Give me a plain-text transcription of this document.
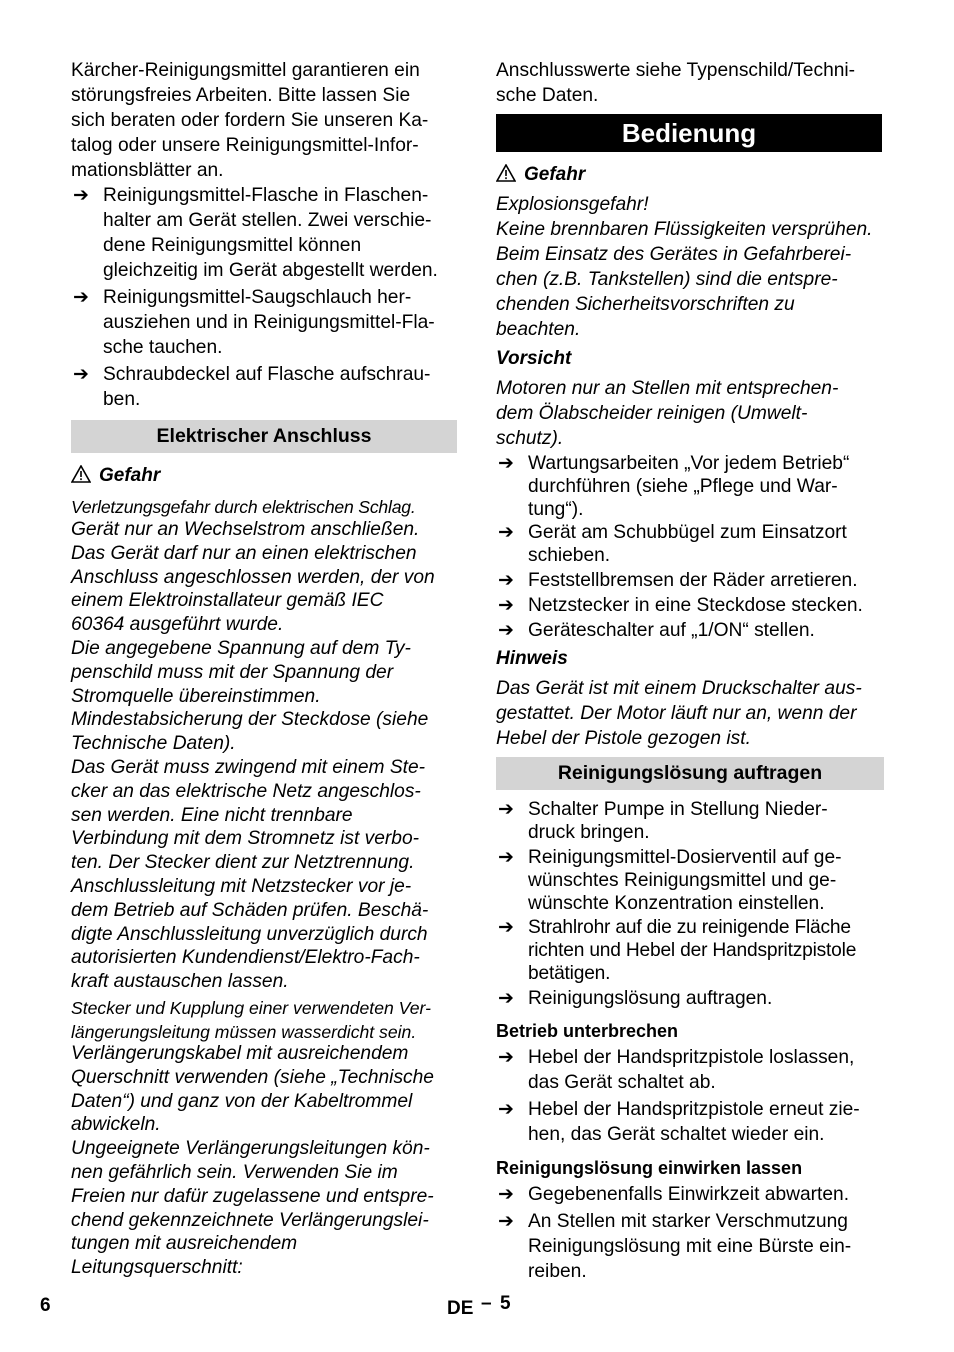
Kärcher-Reinigungsmittel garantieren ein
störungsfreies Arbeiten. Bitte lassen Sie
sich beraten oder fordern Sie unseren Ka-
talog oder unsere Reinigungsmittel-Infor-
mationsblätter an.

➔ Reinigungsmittel-Flasche in Flaschen-
halter am Gerät stellen. Zwei verschie-
dene Reinigungsmittel können
gleichzeitig im Gerät abgestellt werden.
➔ Reinigungsmittel-Saugschlauch her-
ausziehen und in Reinigungsmittel-Fla-
sche tauchen.
➔ Schraubdeckel auf Flasche aufschrau-
ben.
Elektrischer Anschluss
Gefahr

Verletzungsgefahr durch elektrischen Schlag.

Gerät nur an Wechselstrom anschließen.
Das Gerät darf nur an einen elektrischen
Anschluss angeschlossen werden, der von
einem Elektroinstallateur gemäß IEC
60364 ausgeführt wurde.
Die angegebene Spannung auf dem Ty-
penschild muss mit der Spannung der
Stromquelle übereinstimmen.
Mindestabsicherung der Steckdose (siehe
Technische Daten).
Das Gerät muss zwingend mit einem Ste-
cker an das elektrische Netz angeschlos-
sen werden. Eine nicht trennbare
Verbindung mit dem Stromnetz ist verbo-
ten. Der Stecker dient zur Netztrennung.
Anschlussleitung mit Netzstecker vor je-
dem Betrieb auf Schäden prüfen. Beschä-
digte Anschlussleitung unverzüglich durch
autorisierten Kundendienst/Elektro-Fach-
kraft austauschen lassen.

Stecker und Kupplung einer verwendeten Ver-
längerungsleitung müssen wasserdicht sein.

Verlängerungskabel mit ausreichendem
Querschnitt verwenden (siehe „Technische
Daten“) und ganz von der Kabeltrommel
abwickeln.
Ungeeignete Verlängerungsleitungen kön-
nen gefährlich sein. Verwenden Sie im
Freien nur dafür zugelassene und entspre-
chend gekennzeichnete Verlängerungslei-
tungen mit ausreichendem
Leitungsquerschnitt:

Anschlusswerte siehe Typenschild/Techni-
sche Daten.

Bedienung
Gefahr

Explosionsgefahr!
Keine brennbaren Flüssigkeiten versprühen.
Beim Einsatz des Gerätes in Gefahrberei-
chen (z.B. Tankstellen) sind die entspre-
chenden Sicherheitsvorschriften zu
beachten.

Vorsicht

Motoren nur an Stellen mit entsprechen-
dem Ölabscheider reinigen (Umwelt-
schutz).

➔ Wartungsarbeiten „Vor jedem Betrieb“
durchführen (siehe „Pflege und War-
tung“).
➔ Gerät am Schubbügel zum Einsatzort
schieben.
➔ Feststellbremsen der Räder arretieren.
➔ Netzstecker in eine Steckdose stecken.
➔ Geräteschalter auf „1/ON“ stellen.
Hinweis

Das Gerät ist mit einem Druckschalter aus-
gestattet. Der Motor läuft nur an, wenn der
Hebel der Pistole gezogen ist.

Reinigungslösung auftragen
➔ Schalter Pumpe in Stellung Nieder-
druck bringen.
➔ Reinigungsmittel-Dosierventil auf ge-
wünschtes Reinigungsmittel und ge-
wünschte Konzentration einstellen.
➔ Strahlrohr auf die zu reinigende Fläche
richten und Hebel der Handspritzpistole
betätigen.
➔ Reinigungslösung auftragen.
Betrieb unterbrechen
➔ Hebel der Handspritzpistole loslassen,
das Gerät schaltet ab.
➔ Hebel der Handspritzpistole erneut zie-
hen, das Gerät schaltet wieder ein.
Reinigungslösung einwirken lassen
➔ Gegebenenfalls Einwirkzeit abwarten.
➔ An Stellen mit starker Verschmutzung
Reinigungslösung mit eine Bürste ein-
reiben.
6	DE – 5
